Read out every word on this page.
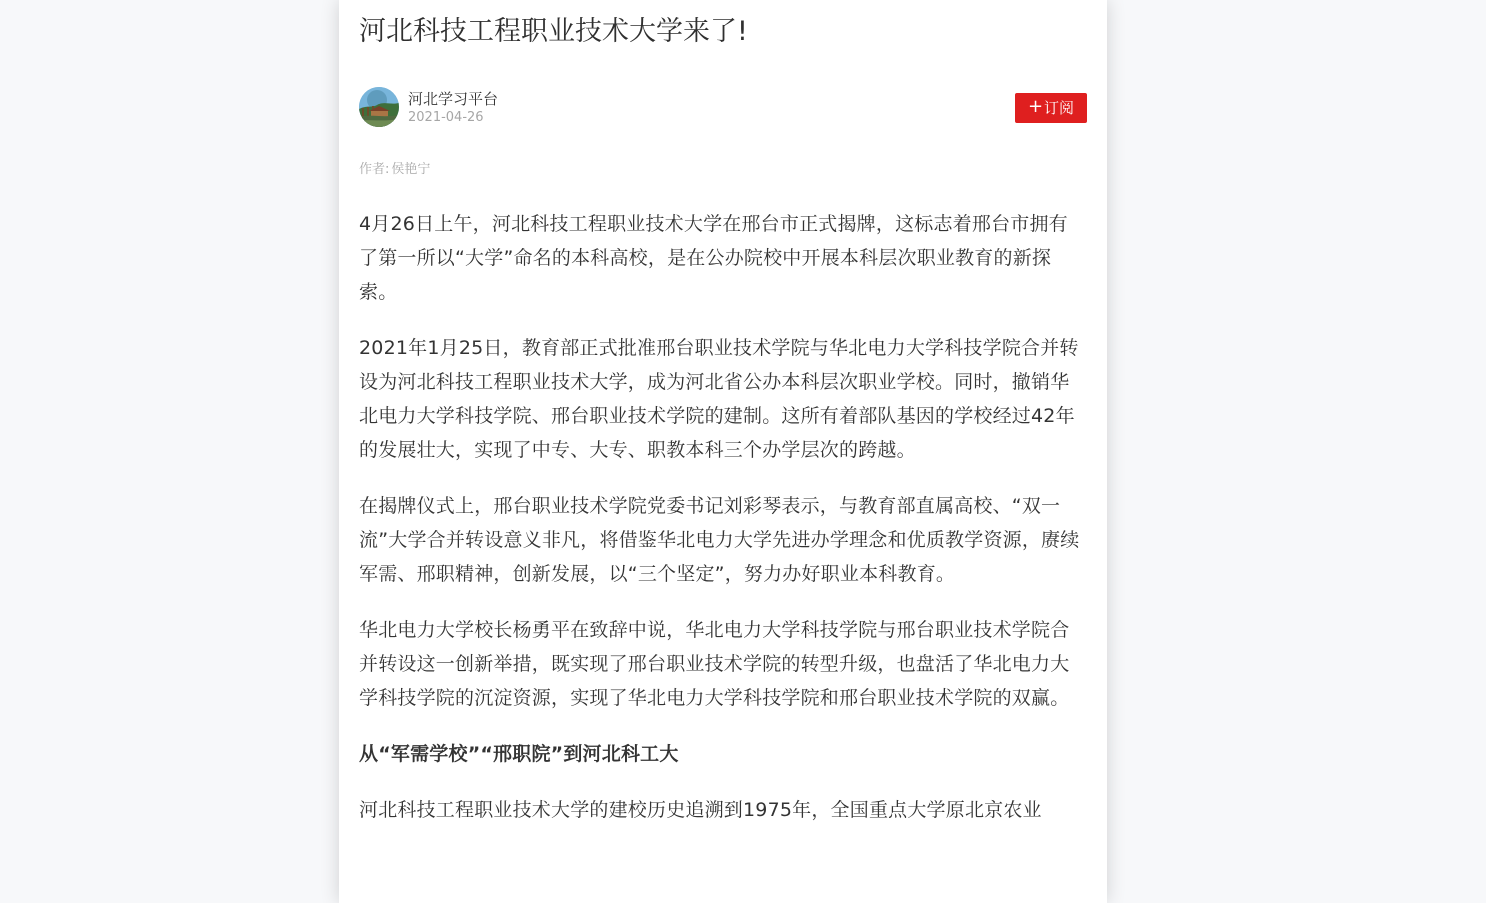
河北科技工程职业技术大学来了!
河北学习平台
2021-04-26
+订阅
作者: 侯艳宁

4月26日上午，河北科技工程职业技术大学在邢台市正式揭牌，这标志着邢台市拥有了第一所以“大学”命名的本科高校，是在公办院校中开展本科层次职业教育的新探索。

2021年1月25日，教育部正式批准邢台职业技术学院与华北电力大学科技学院合并转设为河北科技工程职业技术大学，成为河北省公办本科层次职业学校。同时，撤销华北电力大学科技学院、邢台职业技术学院的建制。这所有着部队基因的学校经过42年的发展壮大，实现了中专、大专、职教本科三个办学层次的跨越。

在揭牌仪式上，邢台职业技术学院党委书记刘彩琴表示，与教育部直属高校、“双一流”大学合并转设意义非凡，将借鉴华北电力大学先进办学理念和优质教学资源，赓续军需、邢职精神，创新发展，以“三个坚定”，努力办好职业本科教育。

华北电力大学校长杨勇平在致辞中说，华北电力大学科技学院与邢台职业技术学院合并转设这一创新举措，既实现了邢台职业技术学院的转型升级，也盘活了华北电力大学科技学院的沉淀资源，实现了华北电力大学科技学院和邢台职业技术学院的双赢。

从“军需学校”“邢职院”到河北科工大

河北科技工程职业技术大学的建校历史追溯到1975年，全国重点大学原北京农业
